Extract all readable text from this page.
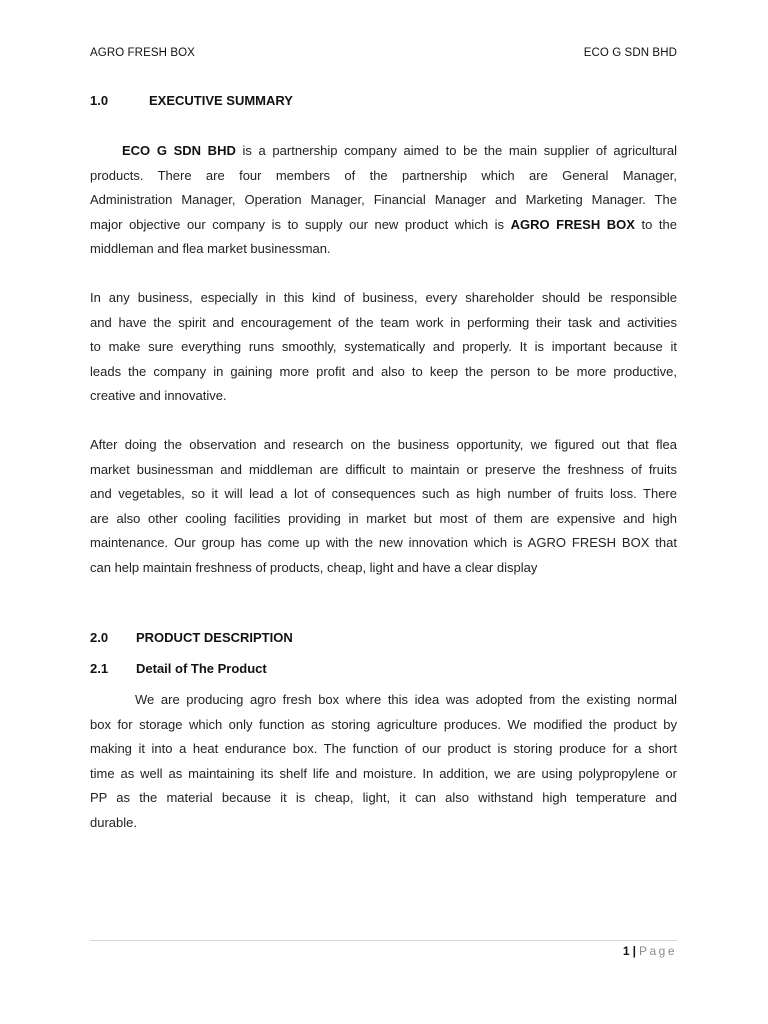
AGRO FRESH BOX	ECO G SDN BHD
1.0	EXECUTIVE SUMMARY
ECO G SDN BHD is a partnership company aimed to be the main supplier of agricultural
products. There are four members of the partnership which are General Manager,
Administration Manager, Operation Manager, Financial Manager and Marketing Manager. The
major objective our company is to supply our new product which is AGRO FRESH BOX to the
middleman and flea market businessman.
In any business, especially in this kind of business, every shareholder should be responsible
and have the spirit and encouragement of the team work in performing their task and activities
to make sure everything runs smoothly, systematically and properly. It is important because it
leads the company in gaining more profit and also to keep the person to be more productive,
creative and innovative.
After doing the observation and research on the business opportunity, we figured out that flea
market businessman and middleman are difficult to maintain or preserve the freshness of fruits
and vegetables, so it will lead a lot of consequences such as high number of fruits loss. There
are also other cooling facilities providing in market but most of them are expensive and high
maintenance. Our group has come up with the new innovation which is AGRO FRESH BOX that
can help maintain freshness of products, cheap, light and have a clear display
2.0 PRODUCT DESCRIPTION
2.1 Detail of The Product
We are producing agro fresh box where this idea was adopted from the existing normal
box for storage which only function as storing agriculture produces. We modified the product by
making it into a heat endurance box. The function of our product is storing produce for a short
time as well as maintaining its shelf life and moisture. In addition, we are using polypropylene or
PP as the material because it is cheap, light, it can also withstand high temperature and
durable.
1 | Page
